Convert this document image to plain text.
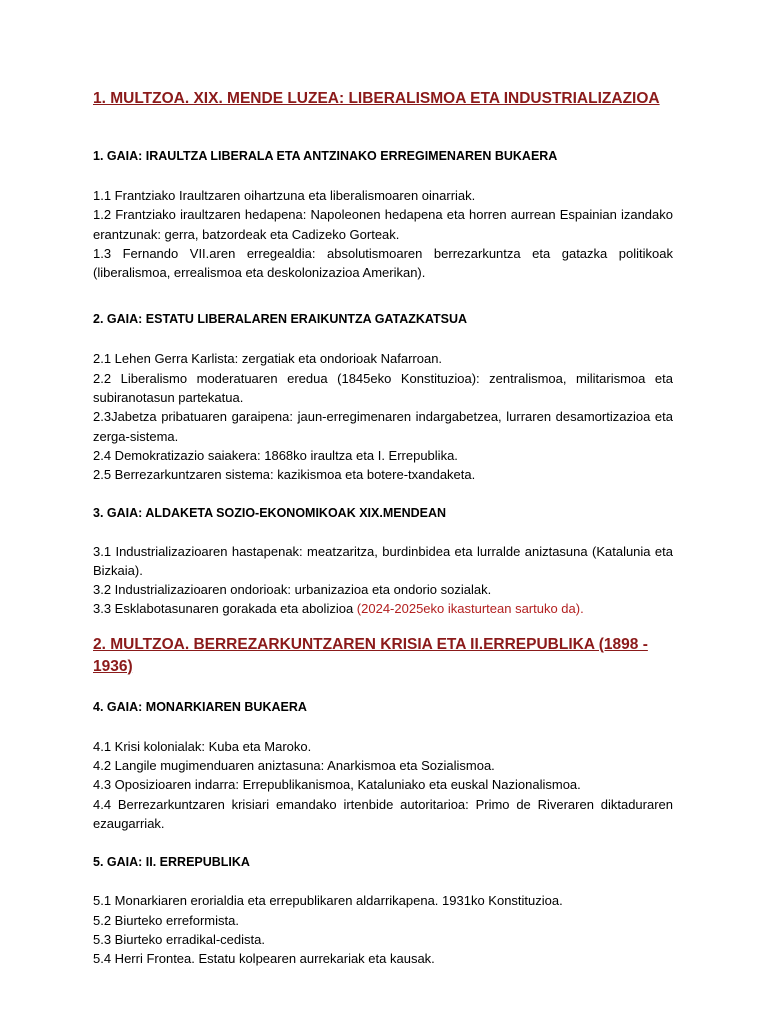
1. MULTZOA. XIX. MENDE LUZEA: LIBERALISMOA ETA INDUSTRIALIZAZIOA
1. GAIA: IRAULTZA LIBERALA ETA ANTZINAKO ERREGIMENAREN BUKAERA

1.1 Frantziako Iraultzaren oihartzuna eta liberalismoaren oinarriak.

1.2 Frantziako iraultzaren hedapena: Napoleonen hedapena eta horren aurrean Espainian izandako erantzunak: gerra, batzordeak eta Cadizeko Gorteak.

1.3 Fernando VII.aren erregealdia: absolutismoaren berrezarkuntza eta gatazka politikoak (liberalismoa, errealismoa eta deskolonizazioa Amerikan).

2. GAIA: ESTATU LIBERALAREN ERAIKUNTZA GATAZKATSUA

2.1 Lehen Gerra Karlista: zergatiak eta ondorioak Nafarroan.

2.2 Liberalismo moderatuaren eredua (1845eko Konstituzioa): zentralismoa, militarismoa eta subiranotasun partekatua.

2.3Jabetza pribatuaren garaipena: jaun-erregimenaren indargabetzea, lurraren desamortizazioa eta zerga-sistema.

2.4 Demokratizazio saiakera: 1868ko iraultza eta I. Errepublika.

2.5 Berrezarkuntzaren sistema: kazikismoa eta botere-txandaketa.

3. GAIA: ALDAKETA SOZIO-EKONOMIKOAK XIX.MENDEAN

3.1 Industrializazioaren hastapenak: meatzaritza, burdinbidea eta lurralde aniztasuna (Katalunia eta Bizkaia).

3.2 Industrializazioaren ondorioak: urbanizazioa eta ondorio sozialak.

3.3 Esklabotasunaren gorakada eta abolizioa (2024-2025eko ikasturtean sartuko da).

2. MULTZOA. BERREZARKUNTZAREN KRISIA ETA II.ERREPUBLIKA (1898 - 1936)
4. GAIA: MONARKIAREN BUKAERA

4.1 Krisi kolonialak: Kuba eta Maroko.

4.2 Langile mugimenduaren aniztasuna: Anarkismoa eta Sozialismoa.

4.3 Oposizioaren indarra: Errepublikanismoa, Kataluniako eta euskal Nazionalismoa.

4.4 Berrezarkuntzaren krisiari emandako irtenbide autoritarioa: Primo de Riveraren diktaduraren ezaugarriak.

5. GAIA: II. ERREPUBLIKA

5.1 Monarkiaren erorialdia eta errepublikaren aldarrikapena. 1931ko Konstituzioa.

5.2 Biurteko erreformista.

5.3 Biurteko erradikal-cedista.

5.4 Herri Frontea. Estatu kolpearen aurrekariak eta kausak.
